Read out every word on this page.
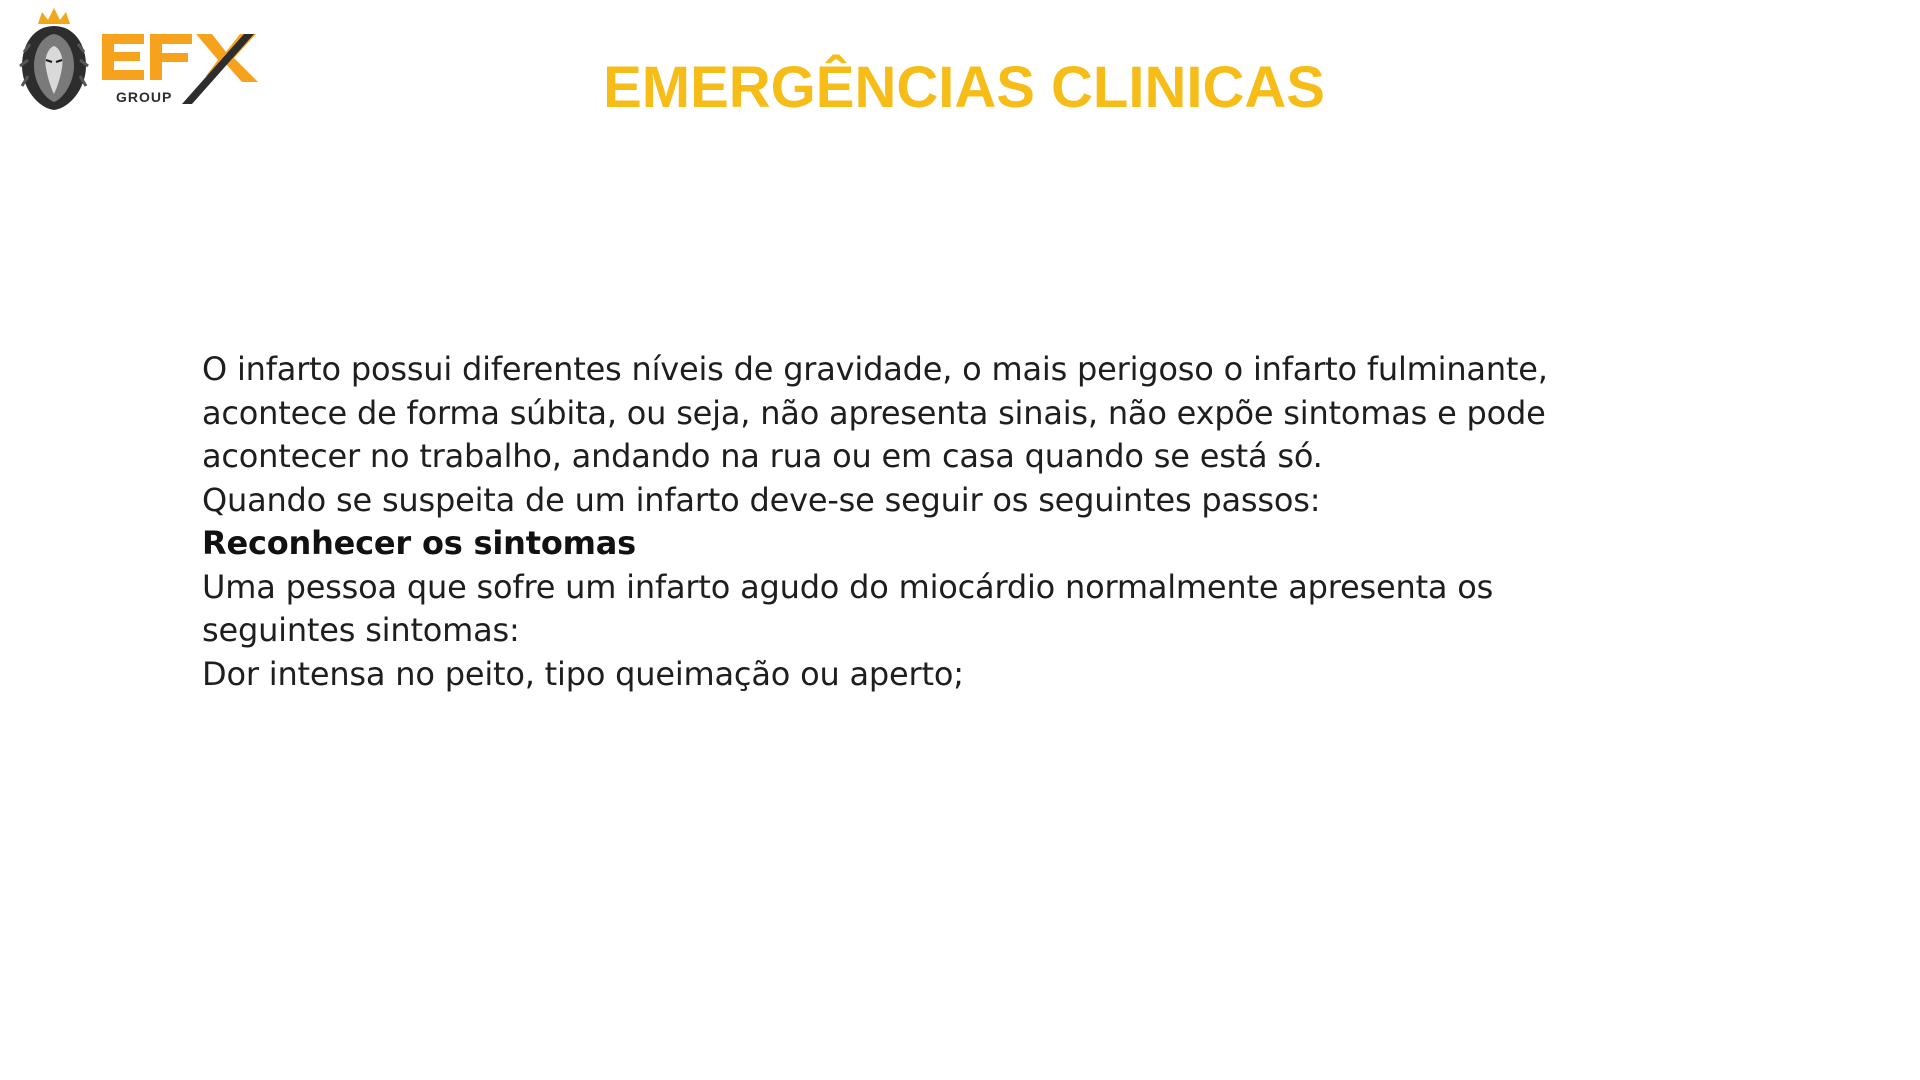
GROUP	EMERGÊNCIAS CLINICAS
O infarto possui diferentes níveis de gravidade, o mais perigoso o infarto fulminante,
acontece de forma súbita, ou seja, não apresenta sinais, não expõe sintomas e pode
acontecer no trabalho, andando na rua ou em casa quando se está só.
Quando se suspeita de um infarto deve-se seguir os seguintes passos:
Reconhecer os sintomas
Uma pessoa que sofre um infarto agudo do miocárdio normalmente apresenta os
seguintes sintomas:
Dor intensa no peito, tipo queimação ou aperto;
